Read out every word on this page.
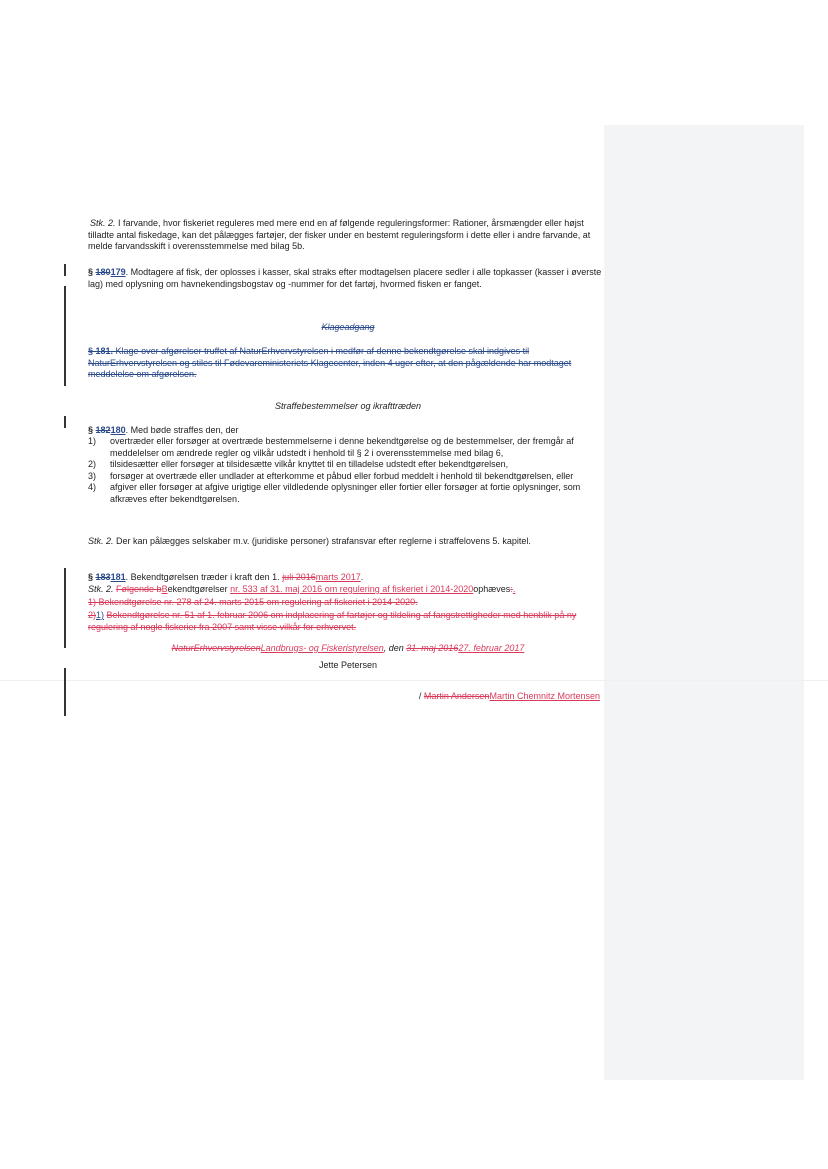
Stk. 2. I farvande, hvor fiskeriet reguleres med mere end en af følgende reguleringsformer: Rationer, årsmængder eller højst tilladte antal fiskedage, kan det pålægges fartøjer, der fisker under en bestemt reguleringsform i dette eller i andre farvande, at melde farvandsskift i overensstemmelse med bilag 5b.
§ 180179. Modtagere af fisk, der oplosses i kasser, skal straks efter modtagelsen placere sedler i alle topkasser (kasser i øverste lag) med oplysning om havnekendingsbogstav og -nummer for det fartøj, hvormed fisken er fanget.
Klageadgang
§ 181. Klage over afgørelser truffet af NaturErhvervstyrelsen i medfør af denne bekendtgørelse skal indgives til NaturErhvervstyrelsen og stiles til Fødevareministeriets Klagecenter, inden 4 uger efter, at den pågældende har modtaget meddelelse om afgørelsen.
Straffebestemmelser og ikrafttræden
§ 182180. Med bøde straffes den, der
1) overtræder eller forsøger at overtræde bestemmelserne i denne bekendtgørelse og de bestemmelser, der fremgår af meddelelser om ændrede regler og vilkår udstedt i henhold til § 2 i overensstemmelse med bilag 6,
2) tilsidesætter eller forsøger at tilsidesætte vilkår knyttet til en tilladelse udstedt efter bekendtgørelsen,
3) forsøger at overtræde eller undlader at efterkomme et påbud eller forbud meddelt i henhold til bekendtgørelsen, eller
4) afgiver eller forsøger at afgive urigtige eller vildledende oplysninger eller fortier eller forsøger at fortie oplysninger, som afkræves efter bekendtgørelsen.
Stk. 2. Der kan pålægges selskaber m.v. (juridiske personer) strafansvar efter reglerne i straffelovens 5. kapitel.
§ 183181. Bekendtgørelsen træder i kraft den 1. juli 2016marts 2017.
Stk. 2. Følgende bBekendtgørelser nr. 533 af 31. maj 2016 om regulering af fiskeriet i 2014-2020ophæves:.
1) Bekendtgørelse nr. 278 af 24. marts 2015 om regulering af fiskeriet i 2014-2020.
2)1) Bekendtgørelse nr. 51 af 1. februar 2006 om indplacering af fartøjer og tildeling af fangstrettigheder med henblik på ny regulering af nogle fiskerier fra 2007 samt visse vilkår for erhvervet.
NaturErhvervstyrelsenLandbrugs- og Fiskeristyrelsen, den 31. maj 201627. februar 2017
Jette Petersen
/ Martin AndersenMartin Chemnitz Mortensen
